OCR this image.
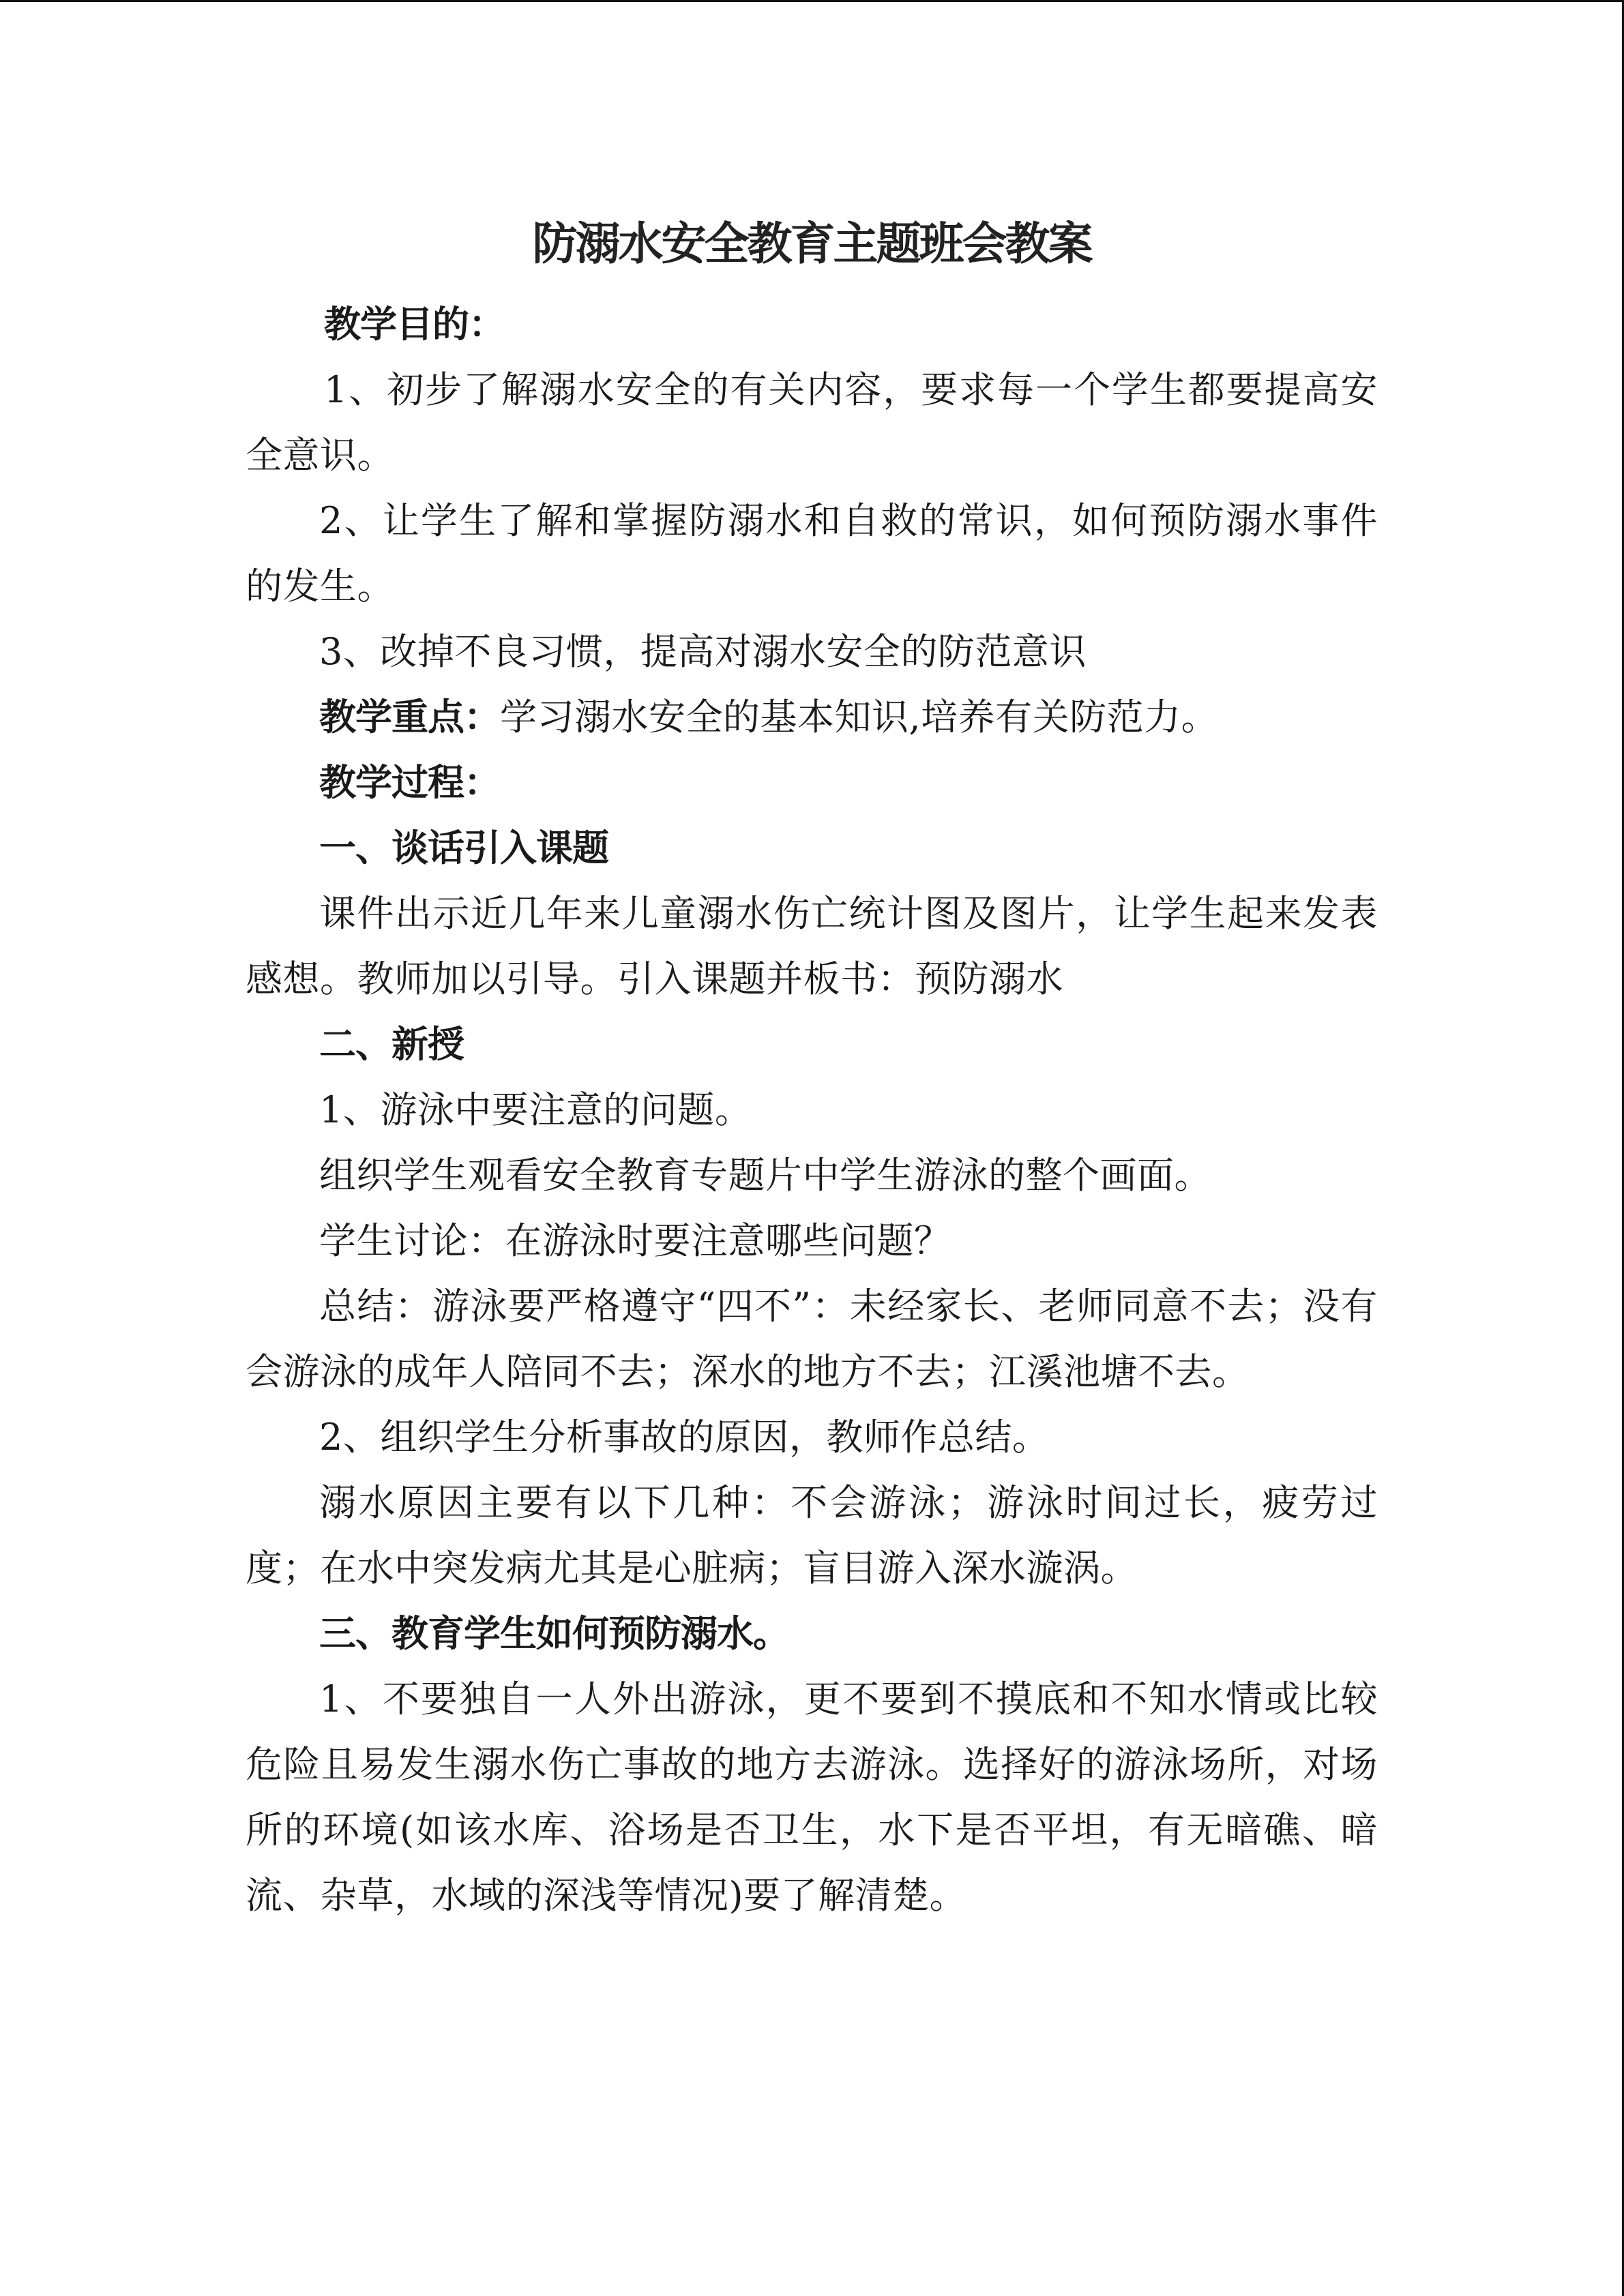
防溺水安全教育主题班会教案

教学目的：

1、初步了解溺水安全的有关内容，要求每一个学生都要提高安全意识。

2、让学生了解和掌握防溺水和自救的常识，如何预防溺水事件的发生。

3、改掉不良习惯，提高对溺水安全的防范意识

教学重点：学习溺水安全的基本知识,培养有关防范力。

教学过程：

一、谈话引入课题

课件出示近几年来儿童溺水伤亡统计图及图片，让学生起来发表感想。教师加以引导。引入课题并板书：预防溺水

二、新授

1、游泳中要注意的问题。

组织学生观看安全教育专题片中学生游泳的整个画面。

学生讨论：在游泳时要注意哪些问题？

总结：游泳要严格遵守“四不”：未经家长、老师同意不去；没有会游泳的成年人陪同不去；深水的地方不去；江溪池塘不去。

2、组织学生分析事故的原因，教师作总结。

溺水原因主要有以下几种：不会游泳；游泳时间过长，疲劳过度；在水中突发病尤其是心脏病；盲目游入深水漩涡。

三、教育学生如何预防溺水。

1、不要独自一人外出游泳，更不要到不摸底和不知水情或比较危险且易发生溺水伤亡事故的地方去游泳。选择好的游泳场所，对场所的环境(如该水库、浴场是否卫生，水下是否平坦，有无暗礁、暗流、杂草，水域的深浅等情况)要了解清楚。
